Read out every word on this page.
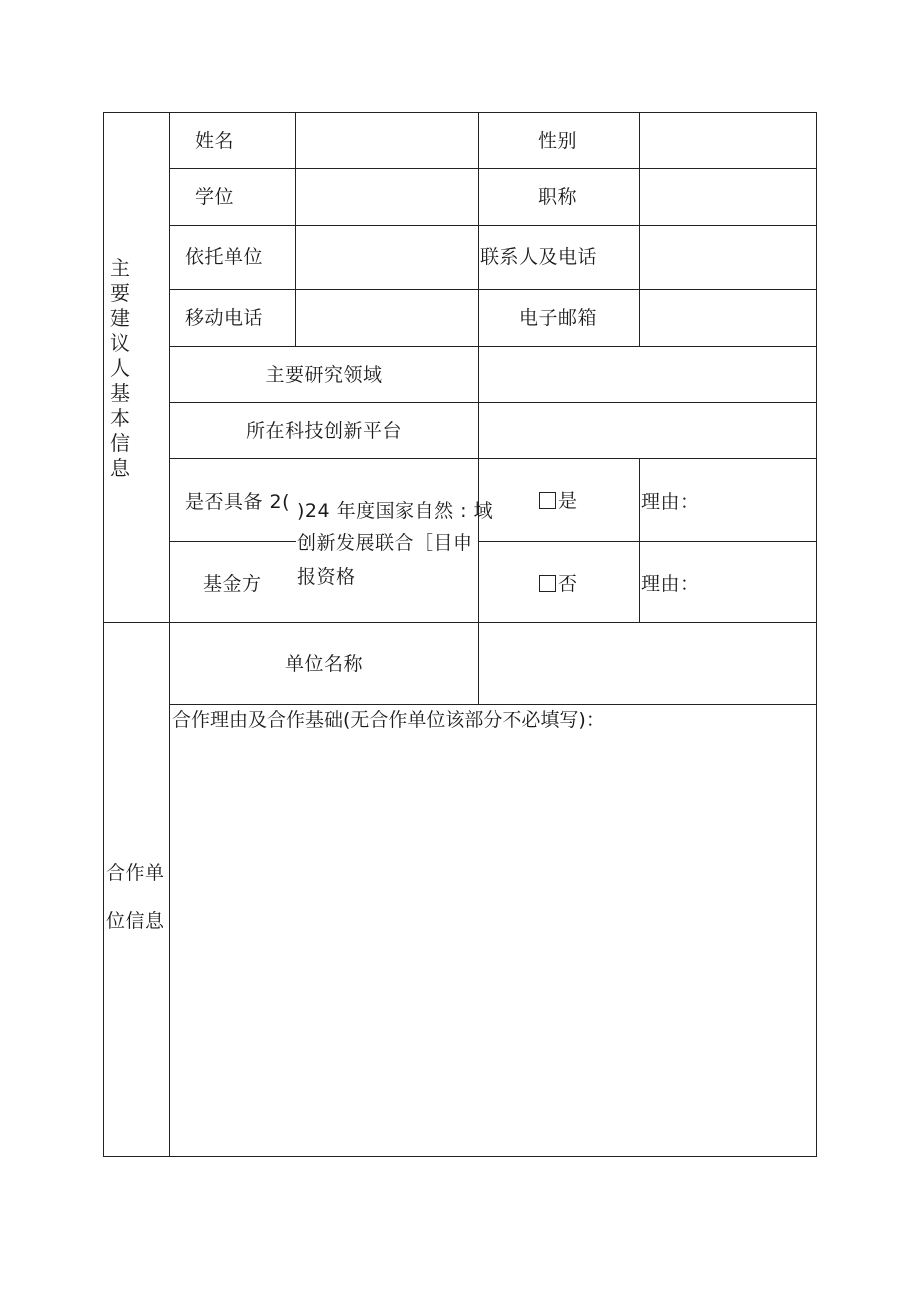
主要建议人基本信息
姓名	性别
学位	职称
依托单位	联系人及电话
移动电话	电子邮箱
主要研究领域
所在科技创新平台
是否具备 2( )24 年度国家自然 : 域
创新发展联合［目申
报资格
基金方
是	理由：
否	理由：
合作单
位信息
单位名称
合作理由及合作基础(无合作单位该部分不必填写)：
